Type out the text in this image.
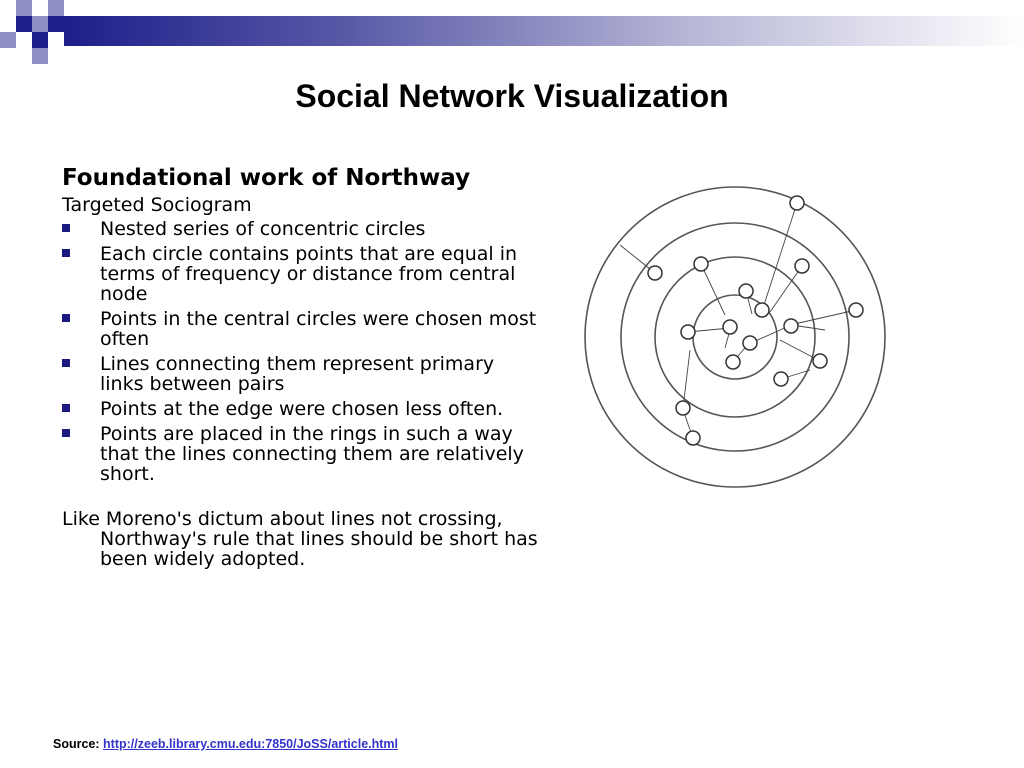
Social Network Visualization
Foundational work of Northway
Targeted Sociogram
Nested series of concentric circles
Each circle contains points that are equal in terms of frequency or distance from central node
Points in the central circles were chosen most often
Lines connecting them represent primary links between pairs
Points at the edge were chosen less often.
Points are placed in the rings in such a way that the lines connecting them are relatively short.
Like Moreno's dictum about lines not crossing, Northway's rule that lines should be short has been widely adopted.
Source: http://zeeb.library.cmu.edu:7850/JoSS/article.html
